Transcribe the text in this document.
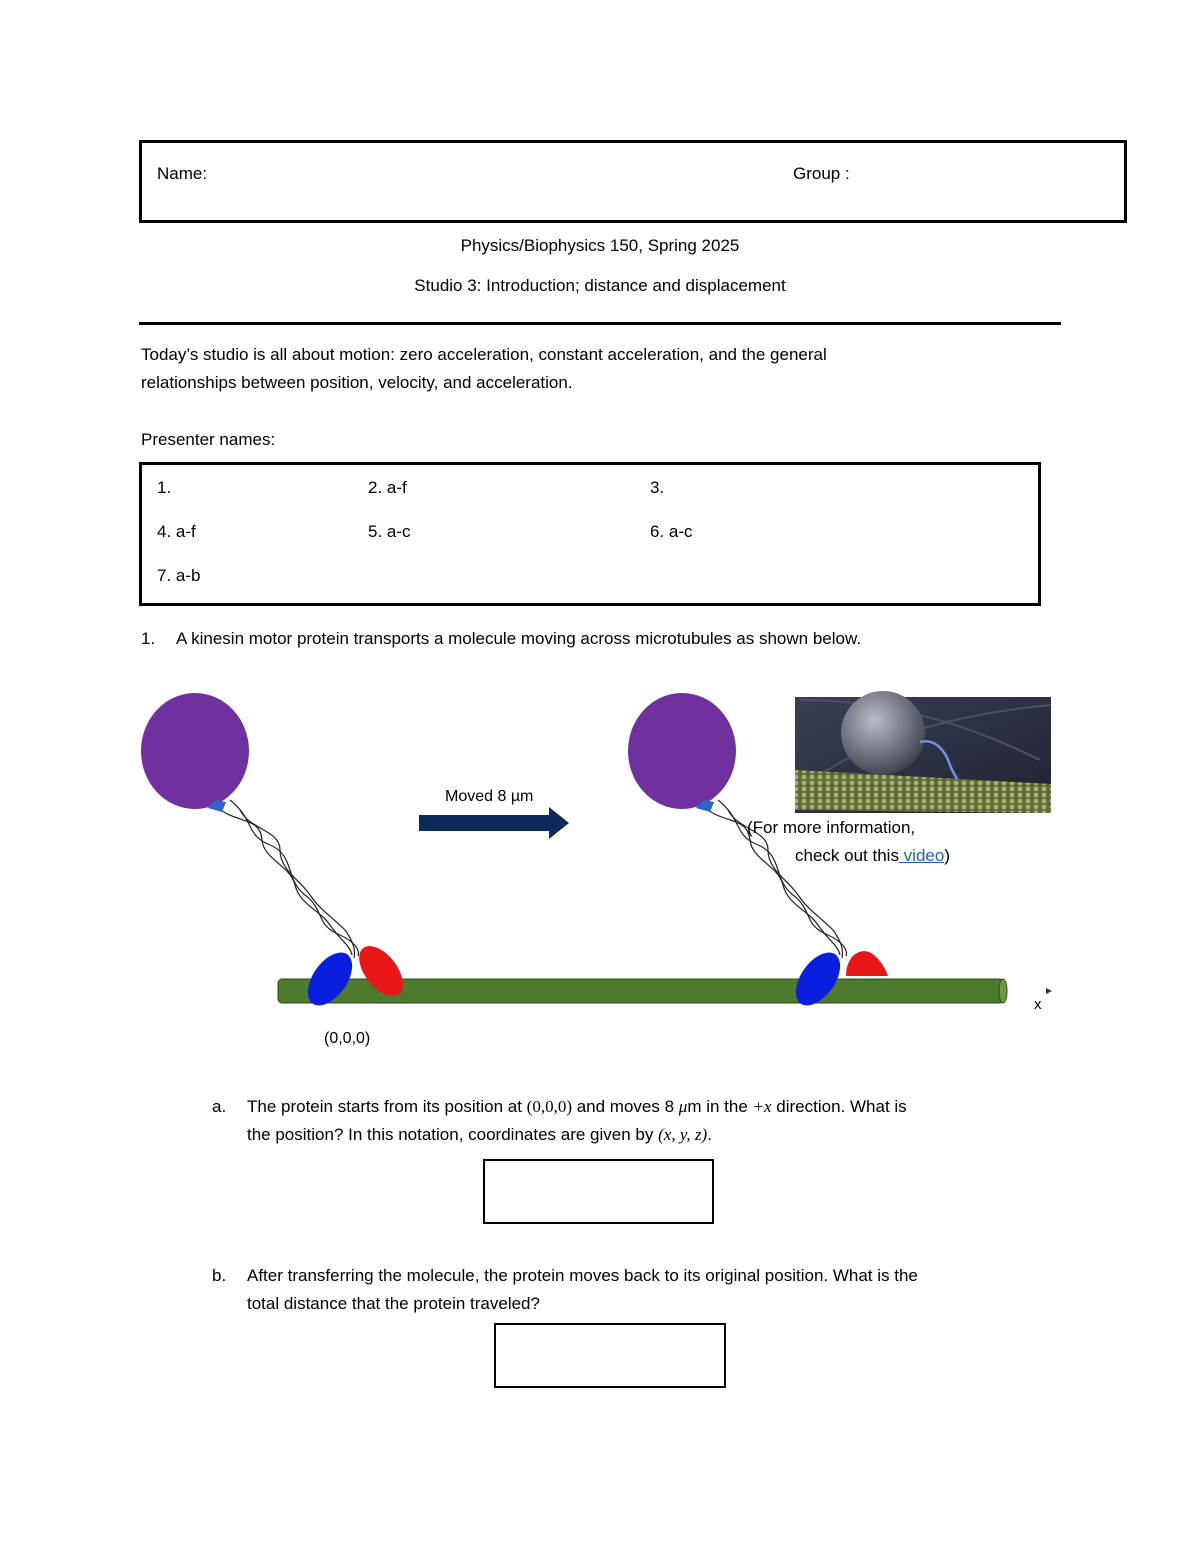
Name:	Group :
Physics/Biophysics 150, Spring 2025
Studio 3: Introduction; distance and displacement
Today’s studio is all about motion: zero acceleration, constant acceleration, and the general
relationships between position, velocity, and acceleration.
Presenter names:
1.	2. a-f	3.
4. a-f	5. a-c	6. a-c
7. a-b
1. A kinesin motor protein transports a molecule moving across microtubules as shown below.
Moved 8 µm
(0,0,0)
x
(For more information,
check out this video)
a. The protein starts from its position at (0,0,0) and moves 8 μm in the +x direction. What is
the position? In this notation, coordinates are given by (x, y, z).
b. After transferring the molecule, the protein moves back to its original position. What is the
total distance that the protein traveled?
